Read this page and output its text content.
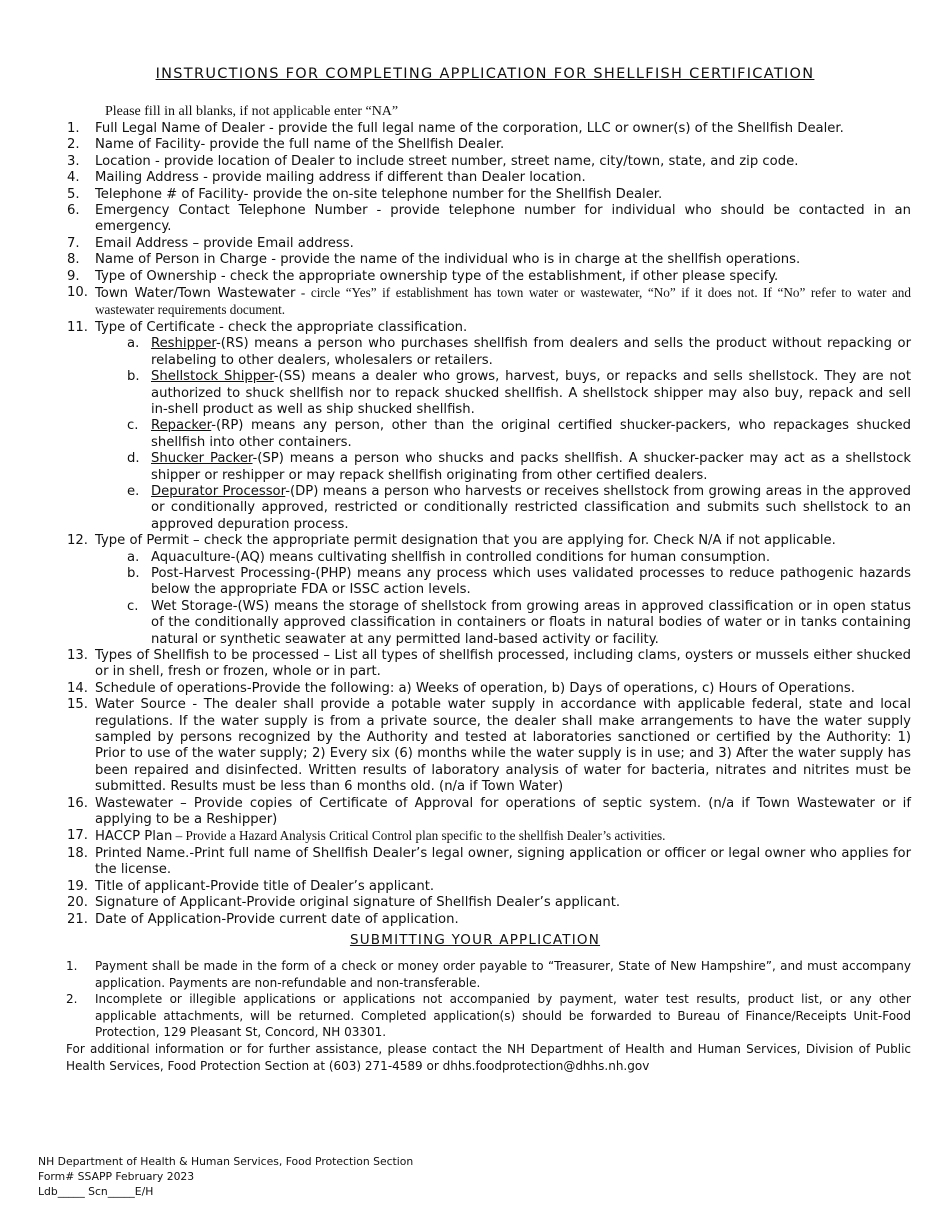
INSTRUCTIONS FOR COMPLETING APPLICATION FOR SHELLFISH CERTIFICATION
Please fill in all blanks, if not applicable enter “NA”
1.	Full Legal Name of Dealer - provide the full legal name of the corporation, LLC or owner(s) of the Shellfish Dealer.
2.	Name of Facility- provide the full name of the Shellfish Dealer.
3.	Location - provide location of Dealer to include street number, street name, city/town, state, and zip code.
4.	Mailing Address - provide mailing address if different than Dealer location.
5.	Telephone # of Facility- provide the on-site telephone number for the Shellfish Dealer.
6.	Emergency Contact Telephone Number - provide telephone number for individual who should be contacted in an emergency.
7.	Email Address – provide Email address.
8.	Name of Person in Charge - provide the name of the individual who is in charge at the shellfish operations.
9.	Type of Ownership - check the appropriate ownership type of the establishment, if other please specify.
10. Town Water/Town Wastewater - circle “Yes” if establishment has town water or wastewater, “No” if it does not. If “No” refer to water and wastewater requirements document.
11. Type of Certificate - check the appropriate classification.
a. Reshipper-(RS) means a person who purchases shellfish from dealers and sells the product without repacking or relabeling to other dealers, wholesalers or retailers.
b. Shellstock Shipper-(SS) means a dealer who grows, harvest, buys, or repacks and sells shellstock. They are not authorized to shuck shellfish nor to repack shucked shellfish. A shellstock shipper may also buy, repack and sell in-shell product as well as ship shucked shellfish.
c. Repacker-(RP) means any person, other than the original certified shucker-packers, who repackages shucked shellfish into other containers.
d. Shucker Packer-(SP) means a person who shucks and packs shellfish. A shucker-packer may act as a shellstock shipper or reshipper or may repack shellfish originating from other certified dealers.
e. Depurator Processor-(DP) means a person who harvests or receives shellstock from growing areas in the approved or conditionally approved, restricted or conditionally restricted classification and submits such shellstock to an approved depuration process.
12. Type of Permit – check the appropriate permit designation that you are applying for. Check N/A if not applicable.
a. Aquaculture-(AQ) means cultivating shellfish in controlled conditions for human consumption.
b. Post-Harvest Processing-(PHP) means any process which uses validated processes to reduce pathogenic hazards below the appropriate FDA or ISSC action levels.
c. Wet Storage-(WS) means the storage of shellstock from growing areas in approved classification or in open status of the conditionally approved classification in containers or floats in natural bodies of water or in tanks containing natural or synthetic seawater at any permitted land-based activity or facility.
13. Types of Shellfish to be processed – List all types of shellfish processed, including clams, oysters or mussels either shucked or in shell, fresh or frozen, whole or in part.
14. Schedule of operations-Provide the following: a) Weeks of operation, b) Days of operations, c) Hours of Operations.
15. Water Source - The dealer shall provide a potable water supply in accordance with applicable federal, state and local regulations. If the water supply is from a private source, the dealer shall make arrangements to have the water supply sampled by persons recognized by the Authority and tested at laboratories sanctioned or certified by the Authority: 1) Prior to use of the water supply; 2) Every six (6) months while the water supply is in use; and 3) After the water supply has been repaired and disinfected. Written results of laboratory analysis of water for bacteria, nitrates and nitrites must be submitted. Results must be less than 6 months old. (n/a if Town Water)
16. Wastewater – Provide copies of Certificate of Approval for operations of septic system. (n/a if Town Wastewater or if applying to be a Reshipper)
17. HACCP Plan – Provide a Hazard Analysis Critical Control plan specific to the shellfish Dealer’s activities.
18. Printed Name.-Print full name of Shellfish Dealer’s legal owner, signing application or officer or legal owner who applies for the license.
19. Title of applicant-Provide title of Dealer’s applicant.
20. Signature of Applicant-Provide original signature of Shellfish Dealer’s applicant.
21. Date of Application-Provide current date of application.
SUBMITTING YOUR APPLICATION
1.	Payment shall be made in the form of a check or money order payable to “Treasurer, State of New Hampshire”, and must accompany application. Payments are non-refundable and non-transferable.
2.	Incomplete or illegible applications or applications not accompanied by payment, water test results, product list, or any other applicable attachments, will be returned. Completed application(s) should be forwarded to Bureau of Finance/Receipts Unit-Food Protection, 129 Pleasant St, Concord, NH 03301.
For additional information or for further assistance, please contact the NH Department of Health and Human Services, Division of Public Health Services, Food Protection Section at (603) 271-4589 or dhhs.foodprotection@dhhs.nh.gov
NH Department of Health & Human Services, Food Protection Section
Form# SSAPP February 2023
Ldb_____ Scn_____E/H
